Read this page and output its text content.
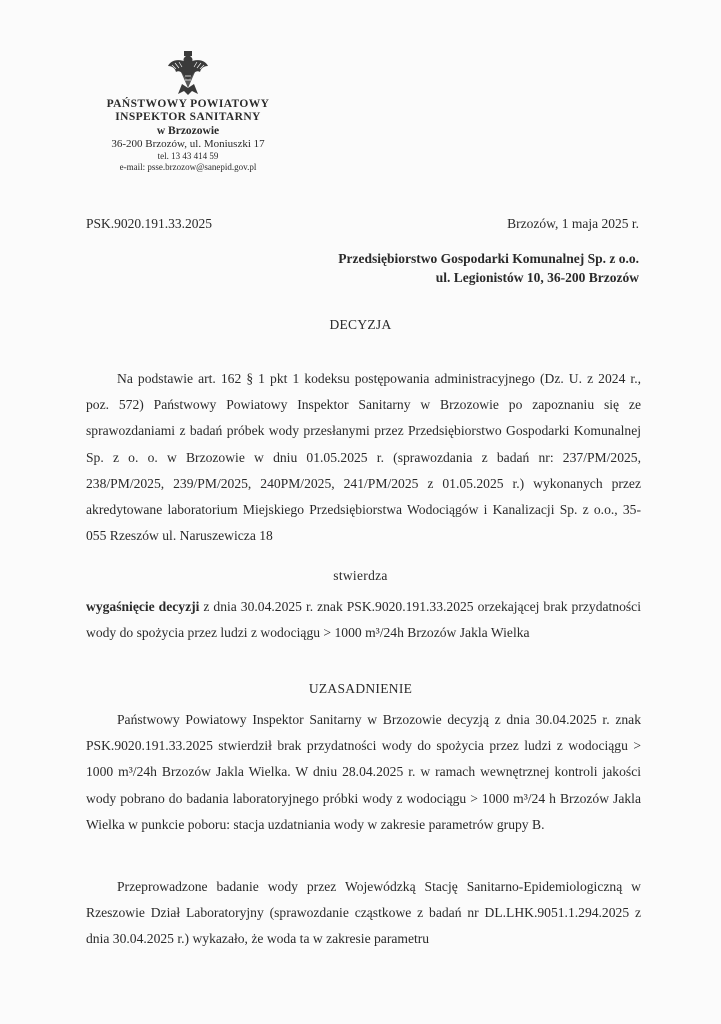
PAŃSTWOWY POWIATOWY
INSPEKTOR SANITARNY
w Brzozowie
36-200 Brzozów, ul. Moniuszki 17
tel. 13 43 414 59
e-mail: psse.brzozow@sanepid.gov.pl
PSK.9020.191.33.2025	Brzozów, 1 maja 2025 r.
Przedsiębiorstwo Gospodarki Komunalnej Sp. z o.o.
ul. Legionistów 10, 36-200 Brzozów
DECYZJA
Na podstawie art. 162 § 1 pkt 1 kodeksu postępowania administracyjnego (Dz. U. z 2024 r., poz. 572) Państwowy Powiatowy Inspektor Sanitarny w Brzozowie po zapoznaniu się ze sprawozdaniami z badań próbek wody przesłanymi przez Przedsiębiorstwo Gospodarki Komunalnej Sp. z o. o. w Brzozowie w dniu 01.05.2025 r. (sprawozdania z badań nr: 237/PM/2025, 238/PM/2025, 239/PM/2025, 240PM/2025, 241/PM/2025 z 01.05.2025 r.) wykonanych przez akredytowane laboratorium Miejskiego Przedsiębiorstwa Wodociągów i Kanalizacji Sp. z o.o., 35-055 Rzeszów ul. Naruszewicza 18
stwierdza
wygaśnięcie decyzji z dnia 30.04.2025 r. znak PSK.9020.191.33.2025 orzekającej brak przydatności wody do spożycia przez ludzi z wodociągu > 1000 m³/24h Brzozów Jakla Wielka
UZASADNIENIE
Państwowy Powiatowy Inspektor Sanitarny w Brzozowie decyzją z dnia 30.04.2025 r. znak PSK.9020.191.33.2025 stwierdził brak przydatności wody do spożycia przez ludzi z wodociągu > 1000 m³/24h Brzozów Jakla Wielka. W dniu 28.04.2025 r. w ramach wewnętrznej kontroli jakości wody pobrano do badania laboratoryjnego próbki wody z wodociągu > 1000 m³/24 h Brzozów Jakla Wielka w punkcie poboru: stacja uzdatniania wody w zakresie parametrów grupy B.
Przeprowadzone badanie wody przez Wojewódzką Stację Sanitarno-Epidemiologiczną w Rzeszowie Dział Laboratoryjny (sprawozdanie cząstkowe z badań nr DL.LHK.9051.1.294.2025 z dnia 30.04.2025 r.) wykazało, że woda ta w zakresie parametru
